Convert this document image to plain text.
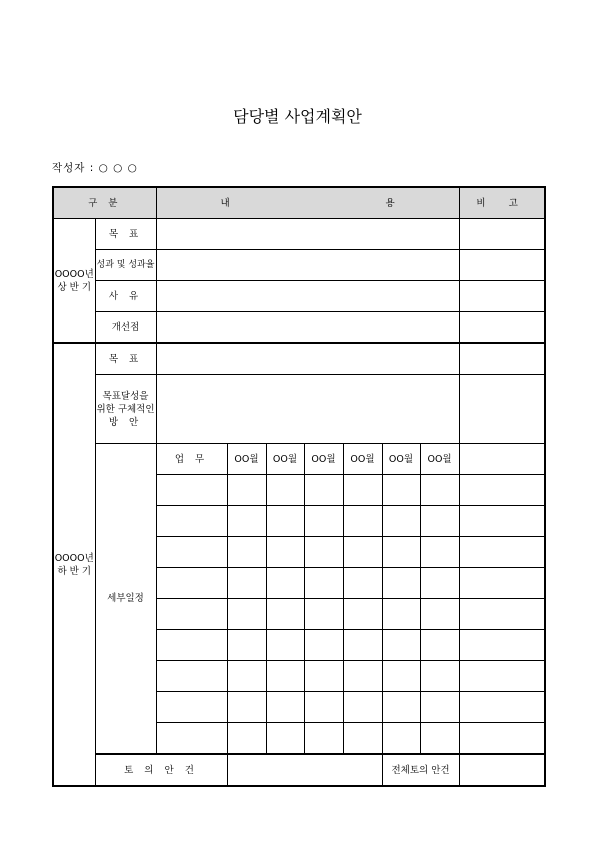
담당별 사업계획안
작성자 : ○ ○ ○
구 분		내 용							비 고

OOOO년
상 반 기	목 표								
	성과 및 성과율								
	사 유								
	개선점								

OOOO년
하 반 기	목 표								

	목표달성을
위한 구체적인
방 안								

	세부일정	업 무	OO월	OO월	OO월	OO월	OO월	OO월	

	토 의 안 건						전체토의 안건		
